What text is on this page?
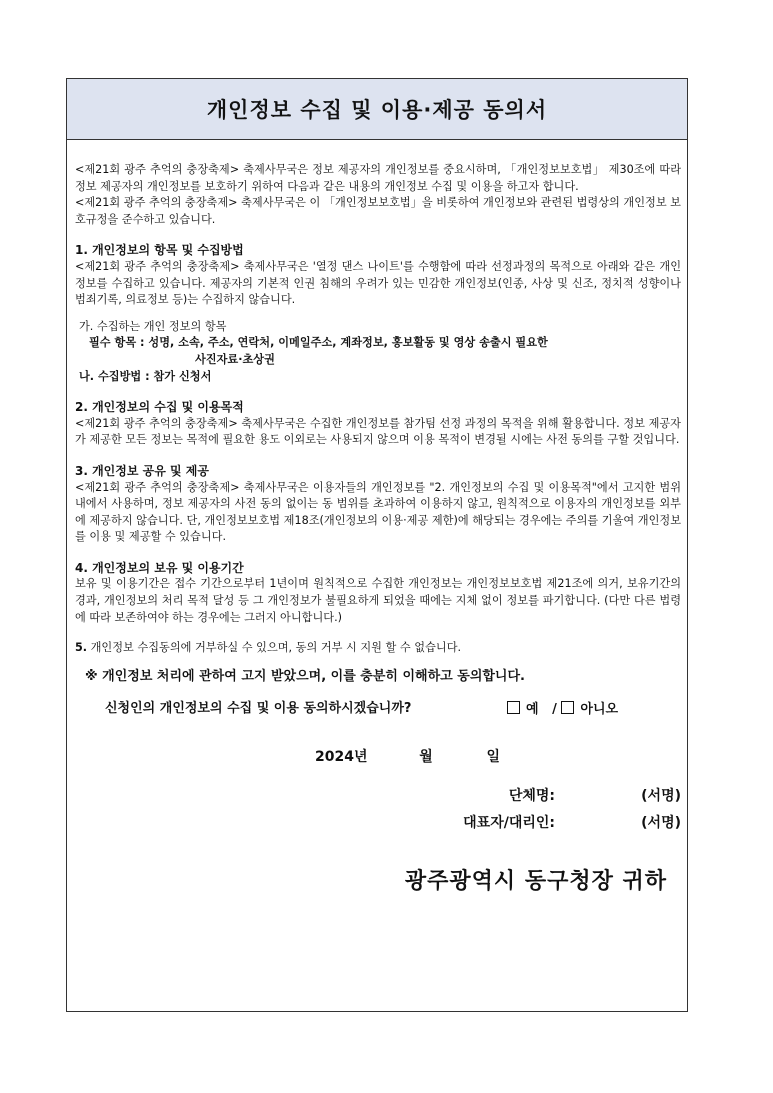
개인정보 수집 및 이용·제공 동의서

<제21회 광주 추억의 충장축제> 축제사무국은 정보 제공자의 개인정보를 중요시하며, 「개인정보보호법」 제30조에 따라 정보 제공자의 개인정보를 보호하기 위하여 다음과 같은 내용의 개인정보 수집 및 이용을 하고자 합니다.

<제21회 광주 추억의 충장축제> 축제사무국은 이 「개인정보보호법」을 비롯하여 개인정보와 관련된 법령상의 개인정보 보호규정을 준수하고 있습니다.

1. 개인정보의 항목 및 수집방법

<제21회 광주 추억의 충장축제> 축제사무국은 '열정 댄스 나이트'를 수행함에 따라 선정과정의 목적으로 아래와 같은 개인정보를 수집하고 있습니다. 제공자의 기본적 인권 침해의 우려가 있는 민감한 개인정보(인종, 사상 및 신조, 정치적 성향이나 범죄기록, 의료정보 등)는 수집하지 않습니다.

가. 수집하는 개인 정보의 항목
필수 항목 : 성명, 소속, 주소, 연락처, 이메일주소, 계좌정보, 홍보활동 및 영상 송출시 필요한
사진자료·초상권
나. 수집방법 : 참가 신청서
2. 개인정보의 수집 및 이용목적

<제21회 광주 추억의 충장축제> 축제사무국은 수집한 개인정보를 참가팀 선정 과정의 목적을 위해 활용합니다. 정보 제공자가 제공한 모든 정보는 목적에 필요한 용도 이외로는 사용되지 않으며 이용 목적이 변경될 시에는 사전 동의를 구할 것입니다.

3. 개인정보 공유 및 제공

<제21회 광주 추억의 충장축제> 축제사무국은 이용자들의 개인정보를 "2. 개인정보의 수집 및 이용목적"에서 고지한 범위 내에서 사용하며, 정보 제공자의 사전 동의 없이는 동 범위를 초과하여 이용하지 않고, 원칙적으로 이용자의 개인정보를 외부에 제공하지 않습니다. 단, 개인정보보호법 제18조(개인정보의 이용·제공 제한)에 해당되는 경우에는 주의를 기울여 개인정보를 이용 및 제공할 수 있습니다.

4. 개인정보의 보유 및 이용기간

보유 및 이용기간은 접수 기간으로부터 1년이며 원칙적으로 수집한 개인정보는 개인정보보호법 제21조에 의거, 보유기간의 경과, 개인정보의 처리 목적 달성 등 그 개인정보가 불필요하게 되었을 때에는 지체 없이 정보를 파기합니다. (다만 다른 법령에 따라 보존하여야 하는 경우에는 그러지 아니합니다.)

5. 개인정보 수집동의에 거부하실 수 있으며, 동의 거부 시 지원 할 수 없습니다.

※ 개인정보 처리에 관하여 고지 받았으며, 이를 충분히 이해하고 동의합니다.
신청인의 개인정보의 수집 및 이용 동의하시겠습니까?	예 / 아니오
2024년	월	일
단체명:	(서명)
대표자/대리인:	(서명)
광주광역시 동구청장 귀하
